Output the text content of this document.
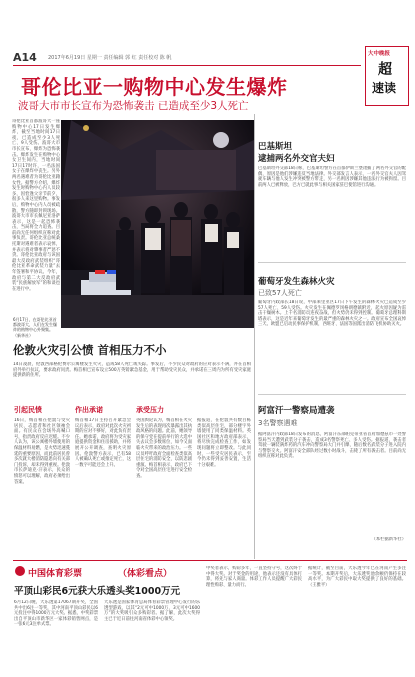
A14 2017年6月19日 星期一 责任编辑 郭 红 责任校对 陈 帆
大中晚报
超
速读
哥伦比亚一购物中心发生爆炸
波哥大市市长宣布为恐怖袭击 已造成至少3人死亡
哥伦比亚首都波哥大一座购物中心17日发生爆炸，截至当地时间17日夜，已造成至少3人死亡、9人受伤。波哥大市市长宣布，爆炸为恐怖袭击。爆炸发生在购物中心女卫生间内，当地时间17日17时许，一名法国女子在爆炸中丧生。另外两名遇难者为哥伦比亚籍女性。据警方介绍，爆炸发生时购物中心内人员较多，因恰逢父亲节前夕，很多人来这里购物。事发后，购物中心内人员被疏散，警方随即封锁现场。波哥大市市长佩尼亚洛萨表示，这是一起恐怖袭击，当局将全力追查。目前尚无任何组织宣称对此事负责。哥伦比亚总统桑托斯对遇难者表示哀悼，并表示将对肇事者严惩不贷。哥伦比亚政府与该国最大反政府武装组织“哥伦比亚革命武装力量”去年签署和平协议。今年，政府与第二大反政府武装“民族解放军”的和谈也在进行中。
6月17日，在哥伦比亚首都波哥大，人们在发生爆炸的购物中心外聚集。（新华社）
巴基斯坦
逮捕两名外交官夫妇
巴基斯坦外交部18日称，巴基斯坦警方在首都伊斯兰堡逮捕了两名外交官的配偶，原因是他们涉嫌违反当地法律。外交部发言人表示，一名外交官夫人因驾驶车辆与他人发生冲突被警方带走，另一名则因涉嫌其他违法行为被拘留。目前两人已被释放，巴方已就此事与相关国家驻巴使馆进行沟通。
葡萄牙发生森林火灾
已致57人死亡
葡萄牙内政部长18日说，中部莱里亚区17日下午发生的森林火灾已造成至少57人死亡、59人受伤。火灾发生在佩德罗冈格朗德镇附近，起火原因疑为雷击干燥树木。上千名消防员连夜奋战，但火势仍未得到控制。葡萄牙总理科斯塔表示，这是近年来葡萄牙发生的最严重的森林火灾之一。政府宣布全国哀悼三天。欧盟已启动民事保护机制，西班牙、法国等国派出消防飞机协助灭火。
阿富汗一警察局遭袭
3名警察遇难
据阿富汗内政部18日发布的消息，阿富汗东部帕克蒂亚省首府加德兹市一处警察局当天遭到武装分子袭击，造成3名警察死亡、多人受伤。据报道，袭击者驾驶一辆装满炸药的汽车冲向警察局大门并引爆，随后数名武装分子进入院内与警察交火。阿富汗安全部队经过数小时战斗，击毙了所有袭击者。目前尚无组织宣称对此负责。
（本栏据新华社）
伦敦火灾引公愤 首相压力不小
14日凌晨，伦敦西部格伦费尔公寓楼发生火灾，造成58人死亡或失踪。事发后，不少民众对政府的应对表示不满，并在首相府外举行抗议，要求政府问责。梅首相已宣布设立500万英镑紧急基金，用于帮助受灾民众，并承诺在三周内为所有受灾家庭提供新的住所。
引起民愤
16日，梅首相在伦敦与受灾居民、志愿者和社区领袖会面。有民众在会场外高喊口号，指责政府反应迟缓。不少人认为，该公寓楼外墙使用的保温材料易燃，是火势迅速蔓延的重要原因，而此前居民曾多次就大楼消防隐患向有关部门投诉，却未得到重视。伦敦市长萨迪克·汗表示，民众的愤怒可以理解，政府必须给出答案。
作出承诺
梅首相17日主持召开紧急会议后表示，政府对此次火灾初期的应对不够好，对此负有责任。她承诺，政府将为受灾家庭提供资金和住房援助，并将展开公开调查，查明火灾原因。伦敦警方表示，已有58人被确认死亡或推定死亡，这一数字可能还会上升。
承受压力
英国舆论认为，梅首相在火灾发生后的表现再次暴露出其执政风格的问题。此前，她领导的保守党在提前举行的大选中失去议会多数席位，如今又面临火灾带来的政治压力。一些议员呼吁政府全面检查类似高层住宅的消防安全，以防悲剧重演。梅首相表示，政府已下令对全国高层住宅进行安全检查。
据报道，在伦敦共有数百栋类似高层住宅，部分楼宇外墙使用了同类保温材料。英国社区和地方政府部表示，将尽快完成检查工作，如发现问题将立即整改。与此同时，一些受灾居民表示，至今仍未得到妥善安置，生活十分艰难。
中国体育彩票	（体彩看点）
平顶山彩民6元获大乐透头奖1000万元
6月12日晚，大乐透第17067期开奖，全国共中出6注一等奖，其中河南平顶山彩民以6元投注中得1000万元大奖。据悉，中奖彩票出自平顶山市新华区一家体彩销售网点，是一张6元3注单式票。
大乐透是国家体育总局体育彩票管理中心发行的乐透型游戏，以其“2元可中1000万、3元可中1600万”的大奖吸引众多购彩者。据了解，此次大奖得主已于近日前往河南省体彩中心领奖。
中奖者表示，购彩多年，一直坚持守号，这次终于中得大奖。对于奖金的用途，他表示还没有具体打算，将先与家人商量。体彩工作人员提醒广大彩民理性购彩、量力而行。
据统计，截至目前，大乐透今年已在河南产生多注一等奖。本期开奖后，大乐透奖池余额仍保持在较高水平，为广大彩民中取大奖提供了良好的基础。（王雅平）
